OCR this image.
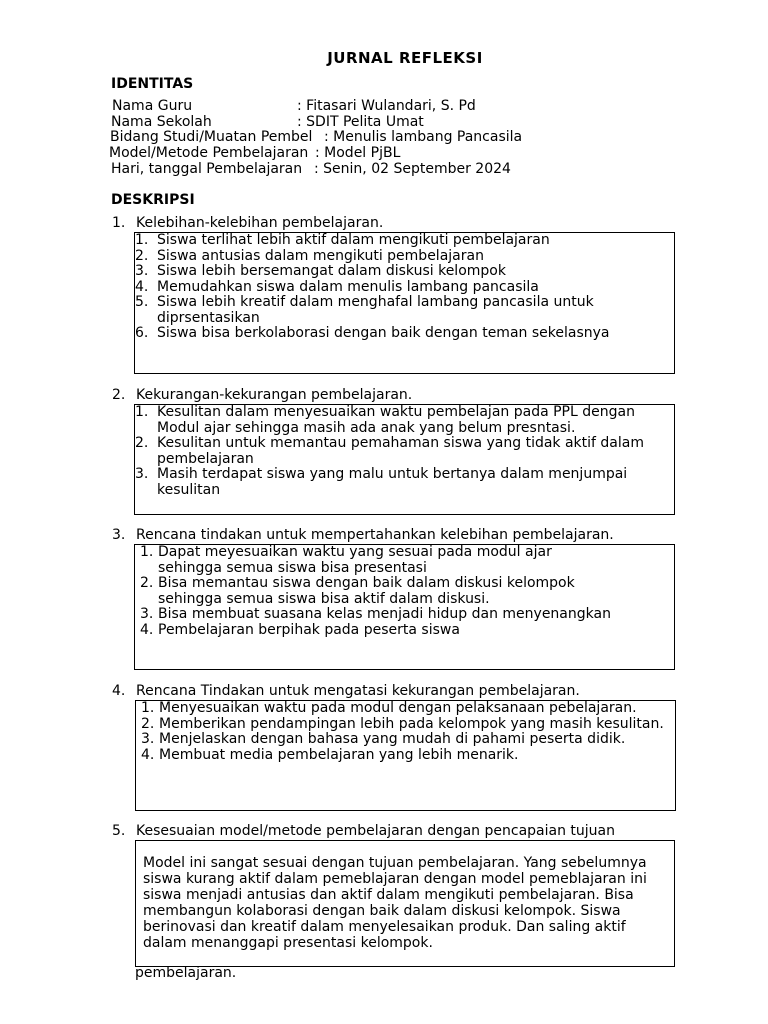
JURNAL REFLEKSI
IDENTITAS
Nama Guru	: Fitasari Wulandari, S. Pd
Nama Sekolah	: SDIT Pelita Umat
Bidang Studi/Muatan Pembel : Menulis lambang Pancasila
Model/Metode Pembelajaran : Model PjBL
Hari, tanggal Pembelajaran : Senin, 02 September 2024
DESKRIPSI
1. Kelebihan-kelebihan pembelajaran.
1. Siswa terlihat lebih aktif dalam mengikuti pembelajaran
2. Siswa antusias dalam mengikuti pembelajaran
3. Siswa lebih bersemangat dalam diskusi kelompok
4. Memudahkan siswa dalam menulis lambang pancasila
5. Siswa lebih kreatif dalam menghafal lambang pancasila untuk
diprsentasikan
6. Siswa bisa berkolaborasi dengan baik dengan teman sekelasnya
2. Kekurangan-kekurangan pembelajaran.
1. Kesulitan dalam menyesuaikan waktu pembelajan pada PPL dengan
Modul ajar sehingga masih ada anak yang belum presntasi.
2. Kesulitan untuk memantau pemahaman siswa yang tidak aktif dalam
pembelajaran
3. Masih terdapat siswa yang malu untuk bertanya dalam menjumpai
kesulitan
3. Rencana tindakan untuk mempertahankan kelebihan pembelajaran.
1. Dapat meyesuaikan waktu yang sesuai pada modul ajar
sehingga semua siswa bisa presentasi
2. Bisa memantau siswa dengan baik dalam diskusi kelompok
sehingga semua siswa bisa aktif dalam diskusi.
3. Bisa membuat suasana kelas menjadi hidup dan menyenangkan
4. Pembelajaran berpihak pada peserta siswa
4. Rencana Tindakan untuk mengatasi kekurangan pembelajaran.
1. Menyesuaikan waktu pada modul dengan pelaksanaan pebelajaran.
2. Memberikan pendampingan lebih pada kelompok yang masih kesulitan.
3. Menjelaskan dengan bahasa yang mudah di pahami peserta didik.
4. Membuat media pembelajaran yang lebih menarik.
5. Kesesuaian model/metode pembelajaran dengan pencapaian tujuan
Model ini sangat sesuai dengan tujuan pembelajaran. Yang sebelumnya
siswa kurang aktif dalam pemeblajaran dengan model pemeblajaran ini
siswa menjadi antusias dan aktif dalam mengikuti pembelajaran. Bisa
membangun kolaborasi dengan baik dalam diskusi kelompok. Siswa
berinovasi dan kreatif dalam menyelesaikan produk. Dan saling aktif
dalam menanggapi presentasi kelompok.
pembelajaran.
